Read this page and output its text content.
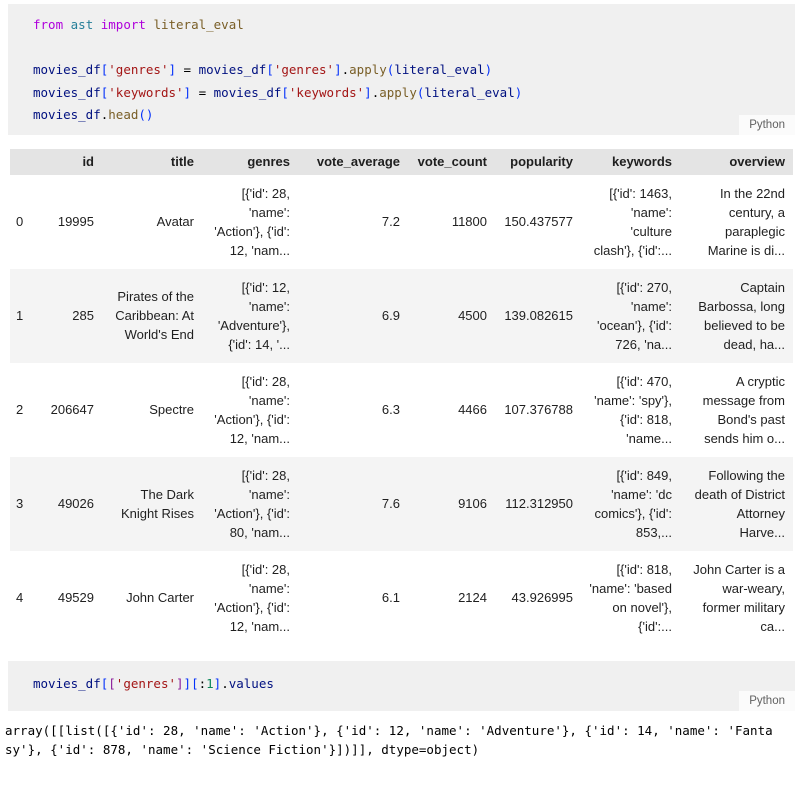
from ast import literal_eval

movies_df['genres'] = movies_df['genres'].apply(literal_eval)
movies_df['keywords'] = movies_df['keywords'].apply(literal_eval)
movies_df.head()
Python
	id	title	genres	vote_average	vote_count	popularity	keywords	overview
0	19995	Avatar	[{'id': 28, 'name': 'Action'}, {'id': 12, 'nam...	7.2	11800	150.437577	[{'id': 1463, 'name': 'culture clash'}, {'id':...	In the 22nd century, a paraplegic Marine is di...
1	285	Pirates of the Caribbean: At World's End	[{'id': 12, 'name': 'Adventure'}, {'id': 14, '...	6.9	4500	139.082615	[{'id': 270, 'name': 'ocean'}, {'id': 726, 'na...	Captain Barbossa, long believed to be dead, ha...
2	206647	Spectre	[{'id': 28, 'name': 'Action'}, {'id': 12, 'nam...	6.3	4466	107.376788	[{'id': 470, 'name': 'spy'}, {'id': 818, 'name...	A cryptic message from Bond's past sends him o...
3	49026	The Dark Knight Rises	[{'id': 28, 'name': 'Action'}, {'id': 80, 'nam...	7.6	9106	112.312950	[{'id': 849, 'name': 'dc comics'}, {'id': 853,...	Following the death of District Attorney Harve...
4	49529	John Carter	[{'id': 28, 'name': 'Action'}, {'id': 12, 'nam...	6.1	2124	43.926995	[{'id': 818, 'name': 'based on novel'}, {'id':...	John Carter is a war-weary, former military ca...
movies_df[['genres']][:1].values
Python
array([[list([{'id': 28, 'name': 'Action'}, {'id': 12, 'name': 'Adventure'}, {'id': 14, 'name': 'Fantasy'}, {'id': 878, 'name': 'Science Fiction'}])]], dtype=object)
